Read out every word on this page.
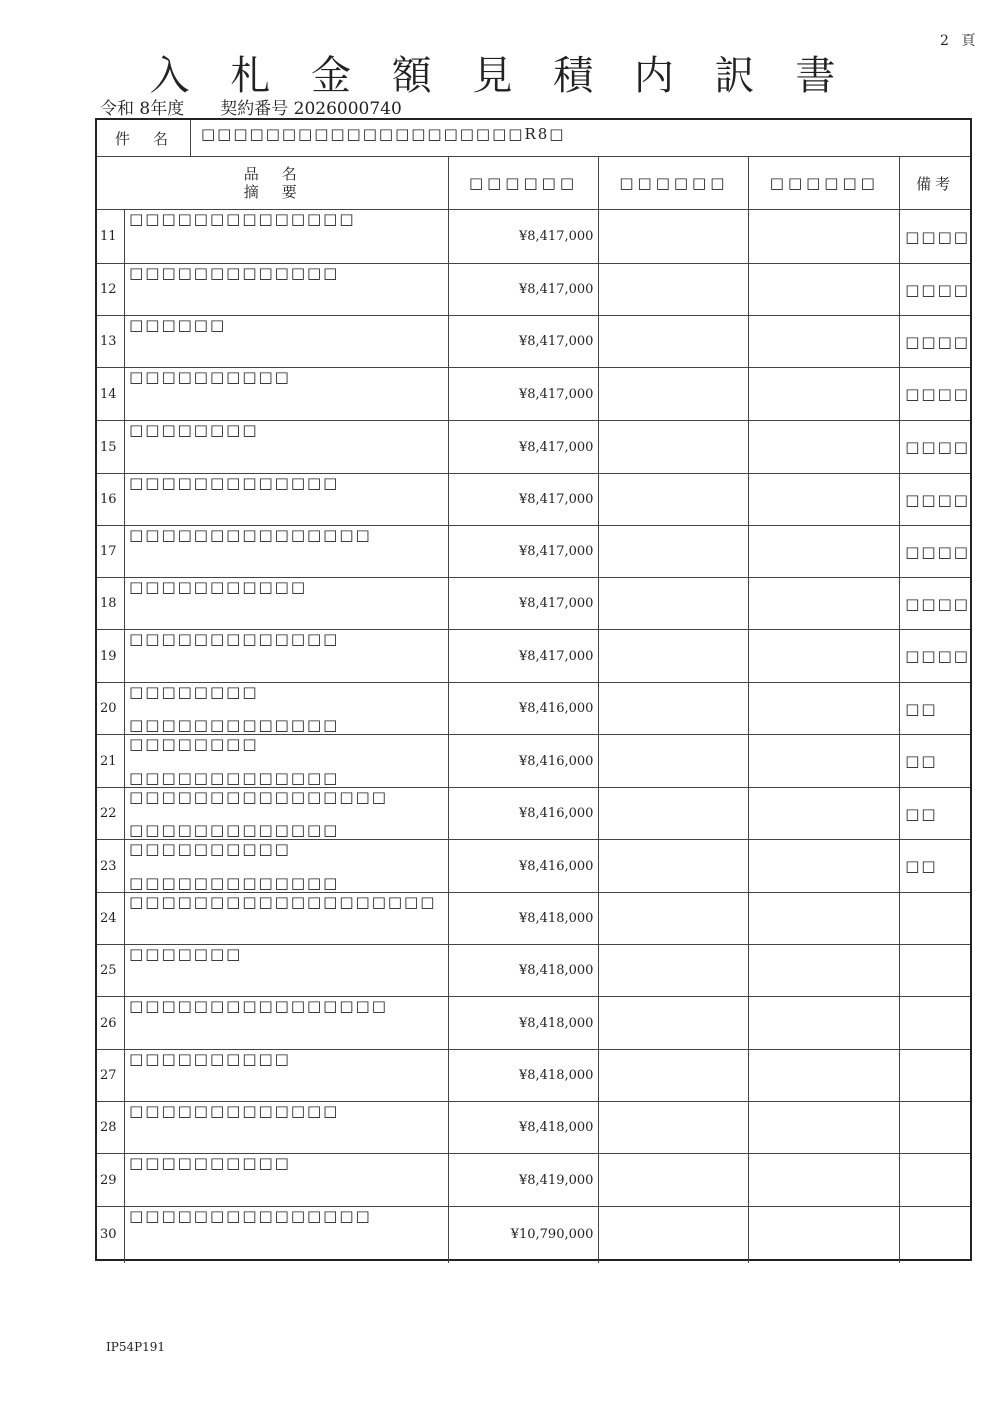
2 頁
入 札 金 額 見 積 内 訳 書
令和 8年度 契約番号 2026000740
件　名	□□□□□□□□□□□□□□□□□□□□R8□
品　名
摘　要		□□□□□□	□□□□□□	□□□□□□	備考
11	□□□□□□□□□□□□□□	¥8,417,000			□□□□
12	□□□□□□□□□□□□□	¥8,417,000			□□□□
13	□□□□□□	¥8,417,000			□□□□
14	□□□□□□□□□□	¥8,417,000			□□□□
15	□□□□□□□□	¥8,417,000			□□□□
16	□□□□□□□□□□□□□	¥8,417,000			□□□□
17	□□□□□□□□□□□□□□□	¥8,417,000			□□□□
18	□□□□□□□□□□□	¥8,417,000			□□□□
19	□□□□□□□□□□□□□	¥8,417,000			□□□□
20	□□□□□□□□
□□□□□□□□□□□□□	¥8,416,000			□□
21	□□□□□□□□
□□□□□□□□□□□□□	¥8,416,000			□□
22	□□□□□□□□□□□□□□□□
□□□□□□□□□□□□□	¥8,416,000			□□
23	□□□□□□□□□□
□□□□□□□□□□□□□	¥8,416,000			□□
24	□□□□□□□□□□□□□□□□□□□	¥8,418,000			
25	□□□□□□□	¥8,418,000			
26	□□□□□□□□□□□□□□□□	¥8,418,000			
27	□□□□□□□□□□	¥8,418,000			
28	□□□□□□□□□□□□□	¥8,418,000			
29	□□□□□□□□□□	¥8,419,000			
30	□□□□□□□□□□□□□□□	¥10,790,000			
IP54P191
